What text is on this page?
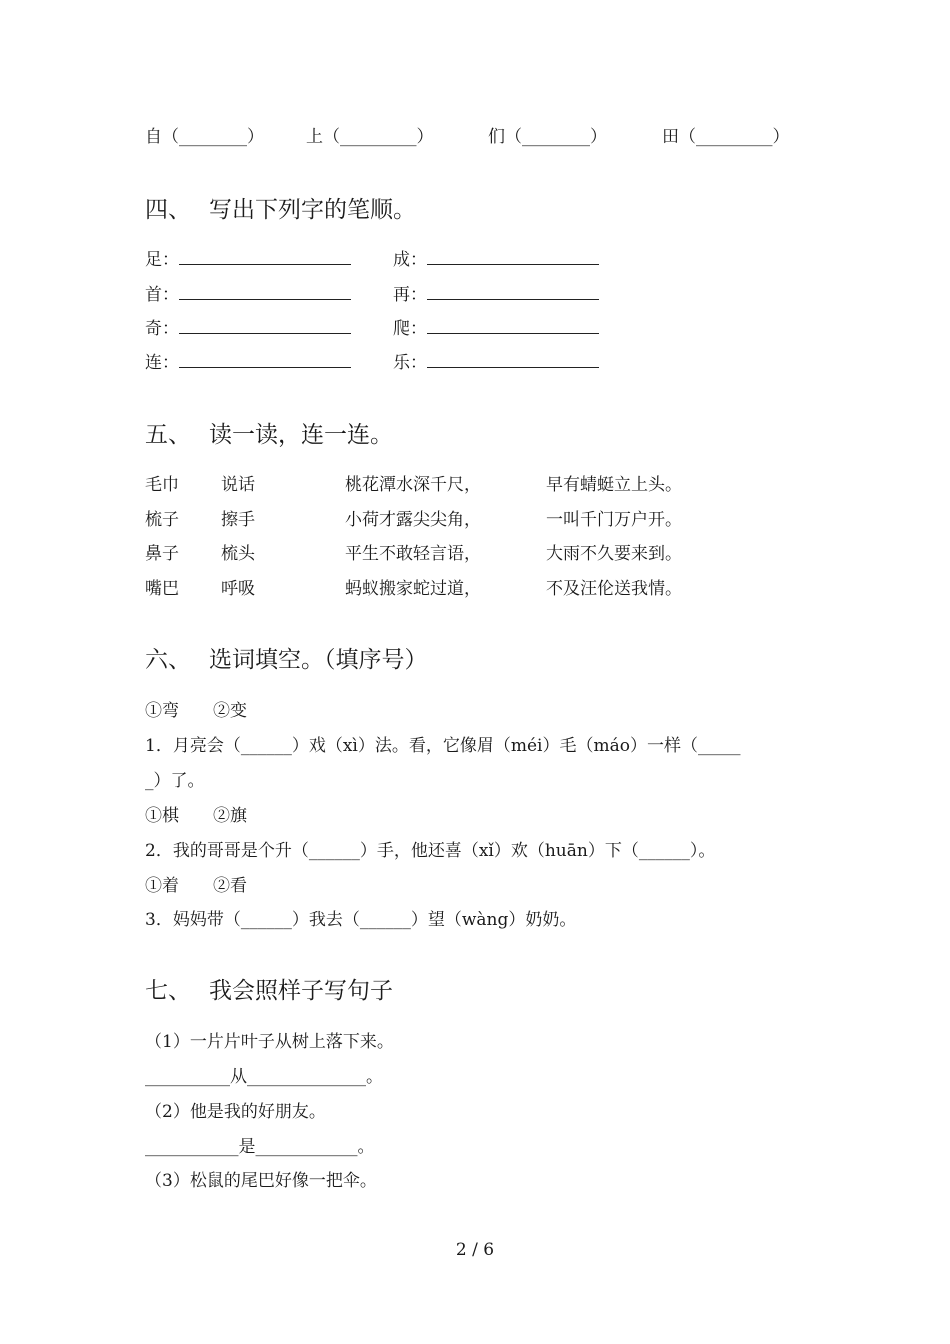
自（________） 上（_________）	们（________）	田（_________）
四、 写出下列字的笔顺。
足：	成：
首：	再：
奇：	爬：
连：	乐：
五、 读一读，连一连。
毛巾 说话	桃花潭水深千尺，	早有蜻蜓立上头。
梳子 擦手	小荷才露尖尖角，	一叫千门万户开。
鼻子 梳头	平生不敢轻言语，	大雨不久要来到。
嘴巴 呼吸	蚂蚁搬家蛇过道，	不及汪伦送我情。
六、 选词填空。（填序号）
①弯　　②变
1．月亮会（______）戏（xì）法。看，它像眉（méi）毛（máo）一样（_____
_）了。
①棋　　②旗
2．我的哥哥是个升（______）手，他还喜（xǐ）欢（huān）下（______）。
①着　　②看
3．妈妈带（______）我去（______）望（wàng）奶奶。
七、 我会照样子写句子
（1）一片片叶子从树上落下来。
__________从______________。
（2）他是我的好朋友。
___________是____________。
（3）松鼠的尾巴好像一把伞。
2 / 6
